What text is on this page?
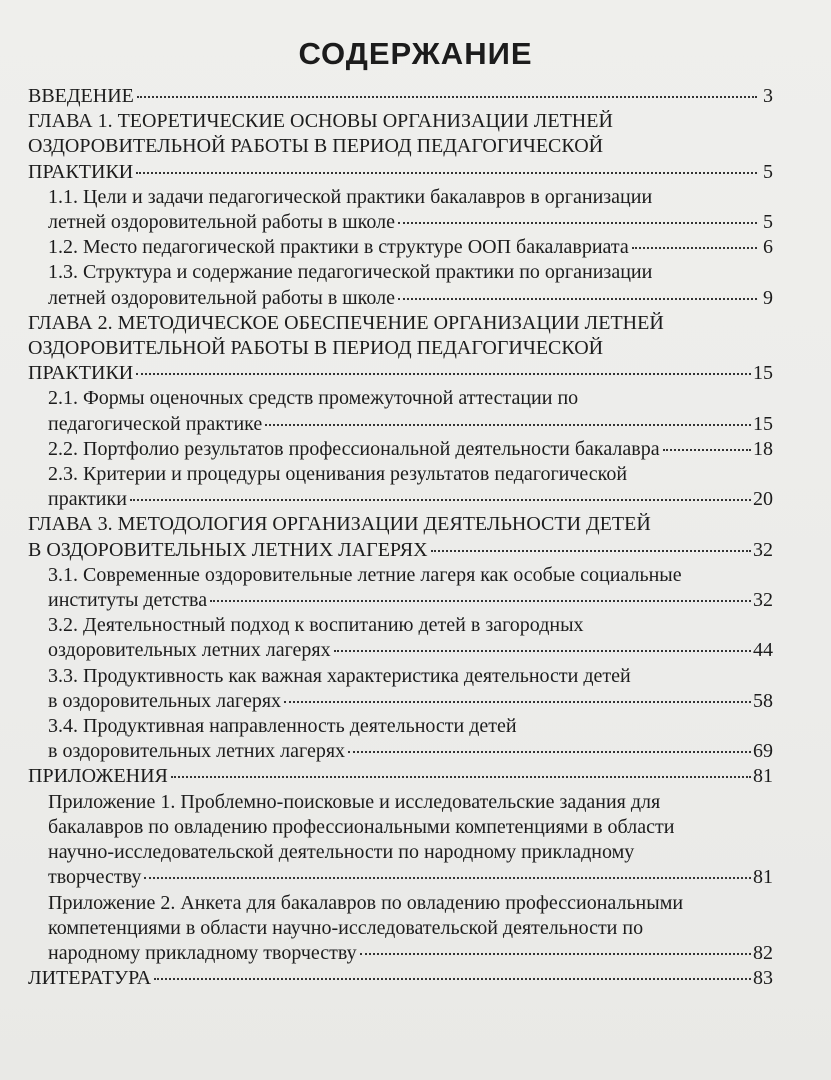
СОДЕРЖАНИЕ
ВВЕДЕНИЕ	3
ГЛАВА 1. ТЕОРЕТИЧЕСКИЕ ОСНОВЫ ОРГАНИЗАЦИИ ЛЕТНЕЙ
ОЗДОРОВИТЕЛЬНОЙ РАБОТЫ В ПЕРИОД ПЕДАГОГИЧЕСКОЙ
ПРАКТИКИ	5
1.1. Цели и задачи педагогической практики бакалавров в организации
летней оздоровительной работы в школе	5
1.2. Место педагогической практики в структуре ООП бакалавриата	6
1.3. Структура и содержание педагогической практики по организации
летней оздоровительной работы в школе	9
ГЛАВА 2. МЕТОДИЧЕСКОЕ ОБЕСПЕЧЕНИЕ ОРГАНИЗАЦИИ ЛЕТНЕЙ
ОЗДОРОВИТЕЛЬНОЙ РАБОТЫ В ПЕРИОД ПЕДАГОГИЧЕСКОЙ
ПРАКТИКИ	15
2.1. Формы оценочных средств промежуточной аттестации по
педагогической практике	15
2.2. Портфолио результатов профессиональной деятельности бакалавра	18
2.3. Критерии и процедуры оценивания результатов педагогической
практики	20
ГЛАВА 3. МЕТОДОЛОГИЯ ОРГАНИЗАЦИИ ДЕЯТЕЛЬНОСТИ ДЕТЕЙ
В ОЗДОРОВИТЕЛЬНЫХ ЛЕТНИХ ЛАГЕРЯХ	32
3.1. Современные оздоровительные летние лагеря как особые социальные
институты детства	32
3.2. Деятельностный подход к воспитанию детей в загородных
оздоровительных летних лагерях	44
3.3. Продуктивность как важная характеристика деятельности детей
в оздоровительных лагерях	58
3.4. Продуктивная направленность деятельности детей
в оздоровительных летних лагерях	69
ПРИЛОЖЕНИЯ	81
Приложение 1. Проблемно-поисковые и исследовательские задания для
бакалавров по овладению профессиональными компетенциями в области
научно-исследовательской деятельности по народному прикладному
творчеству	81
Приложение 2. Анкета для бакалавров по овладению профессиональными
компетенциями в области научно-исследовательской деятельности по
народному прикладному творчеству	82
ЛИТЕРАТУРА	83
